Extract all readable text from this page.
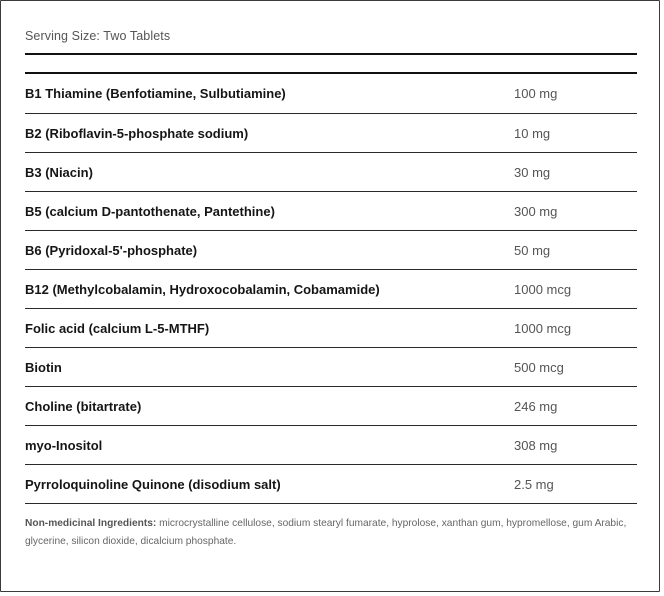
Serving Size: Two Tablets
B1 Thiamine (Benfotiamine, Sulbutiamine)	100 mg
B2 (Riboflavin-5-phosphate sodium)	10 mg
B3 (Niacin)	30 mg
B5 (calcium D-pantothenate, Pantethine)	300 mg
B6 (Pyridoxal-5'-phosphate)	50 mg
B12 (Methylcobalamin, Hydroxocobalamin, Cobamamide)	1000 mcg
Folic acid (calcium L-5-MTHF)	1000 mcg
Biotin	500 mcg
Choline (bitartrate)	246 mg
myo-Inositol	308 mg
Pyrroloquinoline Quinone (disodium salt)	2.5 mg
Non-medicinal Ingredients: microcrystalline cellulose, sodium stearyl fumarate, hyprolose, xanthan gum, hypromellose, gum Arabic, glycerine, silicon dioxide, dicalcium phosphate.
